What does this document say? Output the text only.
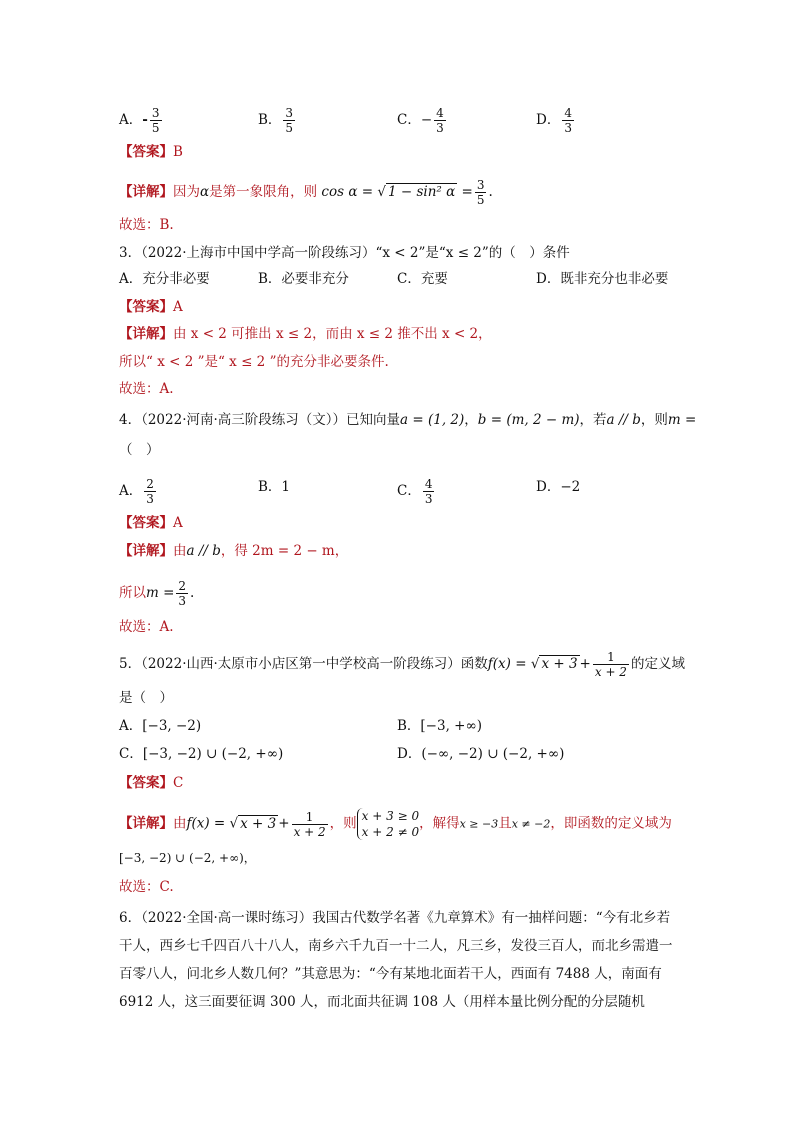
A．- $\frac{3}{5}$	B． $\frac{3}{5}$	C．− $\frac{4}{3}$	D． $\frac{4}{3}$
【答案】B
【详解】因为α是第一象限角，则 cos α = √ 1 − sin² $\alpha = \frac{3}{5}$ .
故选：B.
3．（2022·上海市中国中学高一阶段练习）“x < 2”是“x ≤ 2”的（　）条件
A．充分非必要	B．必要非充分	C．充要	D．既非充分也非必要
【答案】A
【详解】由 x < 2 可推出 x ≤ 2，而由 x ≤ 2 推不出 x < 2，
所以“ x < 2 ”是“ x ≤ 2 ”的充分非必要条件.
故选：A.
4．（2022·河南·高三阶段练习（文））已知向量a = (1, 2)，b = (m, 2 − m)，若a // b，则m =
（　）
A． $\frac{2}{3}$	B．1	C． $\frac{4}{3}$	D．−2
【答案】A
【详解】由a // b，得 2m = 2 − m，
所以$m = \frac{2}{3}$ .
故选：A.
5．（2022·山西·太原市小店区第一中学校高一阶段练习）函数f(x) = √ $x + 3 + \frac{1}{x + 2}$ 的定义域
是（　）
A．[−3, −2)	B．[−3, +∞)
C．[−3, −2) ∪ (−2, +∞)	D．(−∞, −2) ∪ (−2, +∞)
【答案】C
【详解】由f(x) = √ $x + 3 + \frac{1}{x + 2}$ ，则 x + 3 ≥ 0
x + 2 ≠ 0
，解得x ≥ −3且x ≠ −2，即函数的定义域为
[−3, −2) ∪ (−2, +∞)，
故选：C.
6．（2022·全国·高一课时练习）我国古代数学名著《九章算术》有一抽样问题：“今有北乡若干人，西乡七千四百八十八人，南乡六千九百一十二人，凡三乡，发役三百人，而北乡需遣一百零八人，问北乡人数几何？”其意思为：“今有某地北面若干人，西面有 7488 人，南面有 6912 人，这三面要征调 300 人，而北面共征调 108 人（用样本量比例分配的分层随机
